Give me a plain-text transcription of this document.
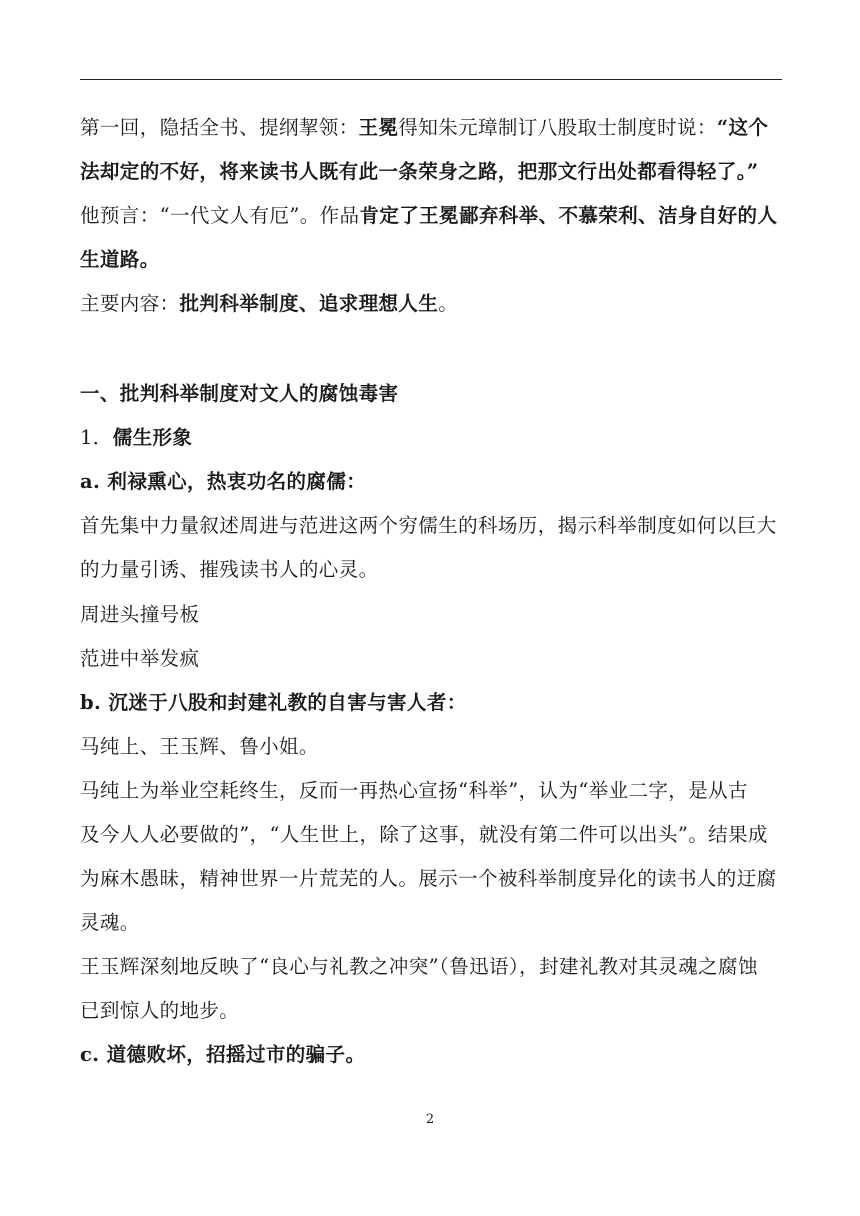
第一回，隐括全书、提纲挈领：王冕得知朱元璋制订八股取士制度时说：“这个
法却定的不好，将来读书人既有此一条荣身之路，把那文行出处都看得轻了。”
他预言：“一代文人有厄”。作品肯定了王冕鄙弃科举、不慕荣利、洁身自好的人
生道路。
主要内容：批判科举制度、追求理想人生。
一、批判科举制度对文人的腐蚀毒害
1．儒生形象
a. 利禄熏心，热衷功名的腐儒：
首先集中力量叙述周进与范进这两个穷儒生的科场历，揭示科举制度如何以巨大
的力量引诱、摧残读书人的心灵。
周进头撞号板
范进中举发疯
b. 沉迷于八股和封建礼教的自害与害人者：
马纯上、王玉辉、鲁小姐。
马纯上为举业空耗终生，反而一再热心宣扬“科举”，认为“举业二字，是从古
及今人人必要做的”，“人生世上，除了这事，就没有第二件可以出头”。结果成
为麻木愚昧，精神世界一片荒芜的人。展示一个被科举制度异化的读书人的迂腐
灵魂。
王玉辉深刻地反映了“良心与礼教之冲突”（鲁迅语），封建礼教对其灵魂之腐蚀
已到惊人的地步。
c. 道德败坏，招摇过市的骗子。
2
